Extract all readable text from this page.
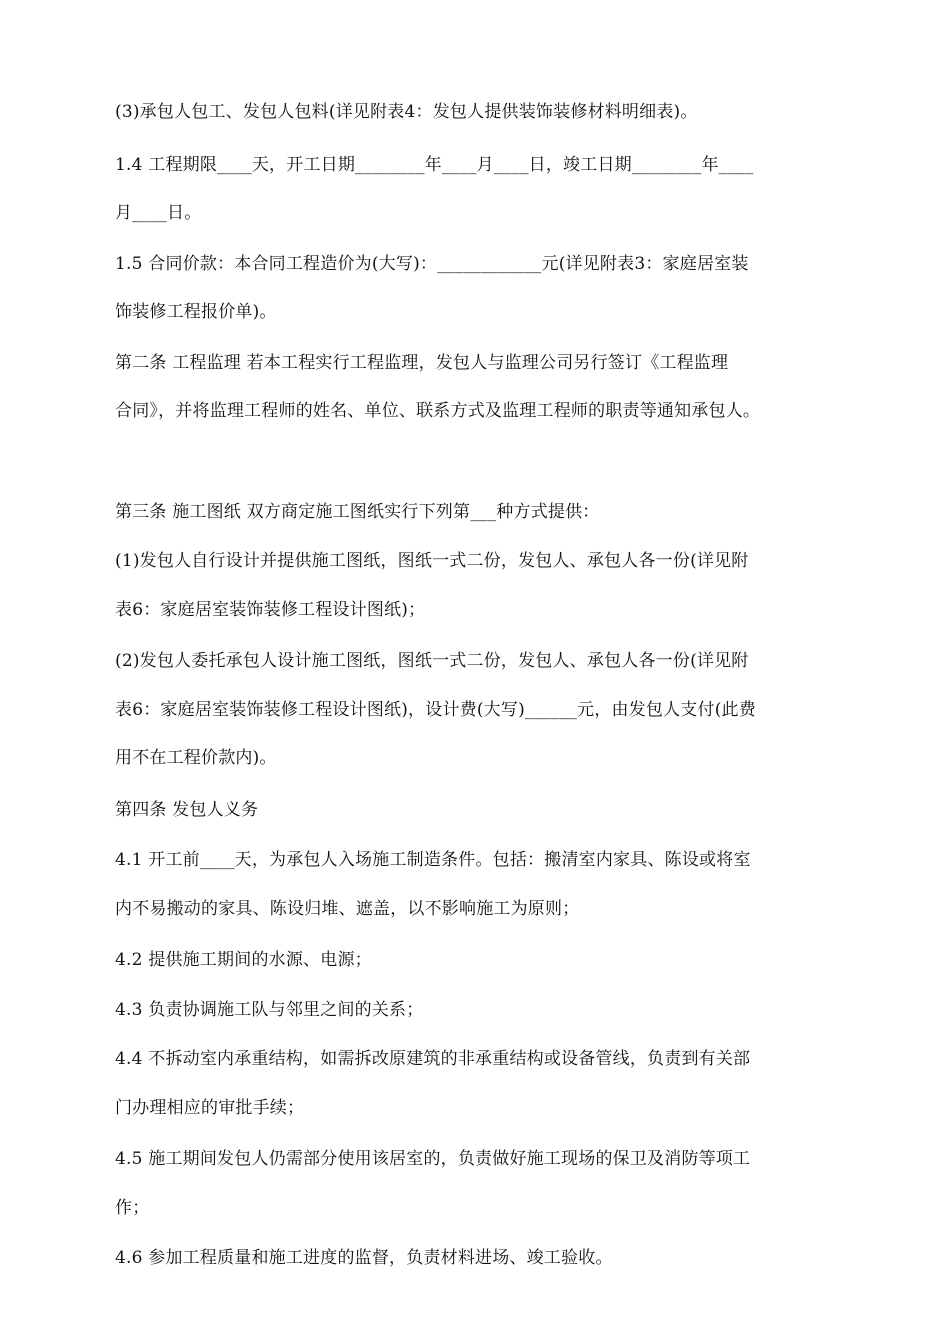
(3)承包人包工、发包人包料(详见附表4：发包人提供装饰装修材料明细表)。
1.4 工程期限____天，开工日期________年____月____日，竣工日期________年____
月____日。
1.5 合同价款：本合同工程造价为(大写)：____________元(详见附表3：家庭居室装
饰装修工程报价单)。
第二条 工程监理 若本工程实行工程监理，发包人与监理公司另行签订《工程监理
合同》，并将监理工程师的姓名、单位、联系方式及监理工程师的职责等通知承包人。
第三条 施工图纸 双方商定施工图纸实行下列第___种方式提供：
(1)发包人自行设计并提供施工图纸，图纸一式二份，发包人、承包人各一份(详见附
表6：家庭居室装饰装修工程设计图纸)；
(2)发包人委托承包人设计施工图纸，图纸一式二份，发包人、承包人各一份(详见附
表6：家庭居室装饰装修工程设计图纸)，设计费(大写)______元，由发包人支付(此费
用不在工程价款内)。
第四条 发包人义务
4.1 开工前____天，为承包人入场施工制造条件。包括：搬清室内家具、陈设或将室
内不易搬动的家具、陈设归堆、遮盖，以不影响施工为原则；
4.2 提供施工期间的水源、电源；
4.3 负责协调施工队与邻里之间的关系；
4.4 不拆动室内承重结构，如需拆改原建筑的非承重结构或设备管线，负责到有关部
门办理相应的审批手续；
4.5 施工期间发包人仍需部分使用该居室的，负责做好施工现场的保卫及消防等项工
作；
4.6 参加工程质量和施工进度的监督，负责材料进场、竣工验收。
